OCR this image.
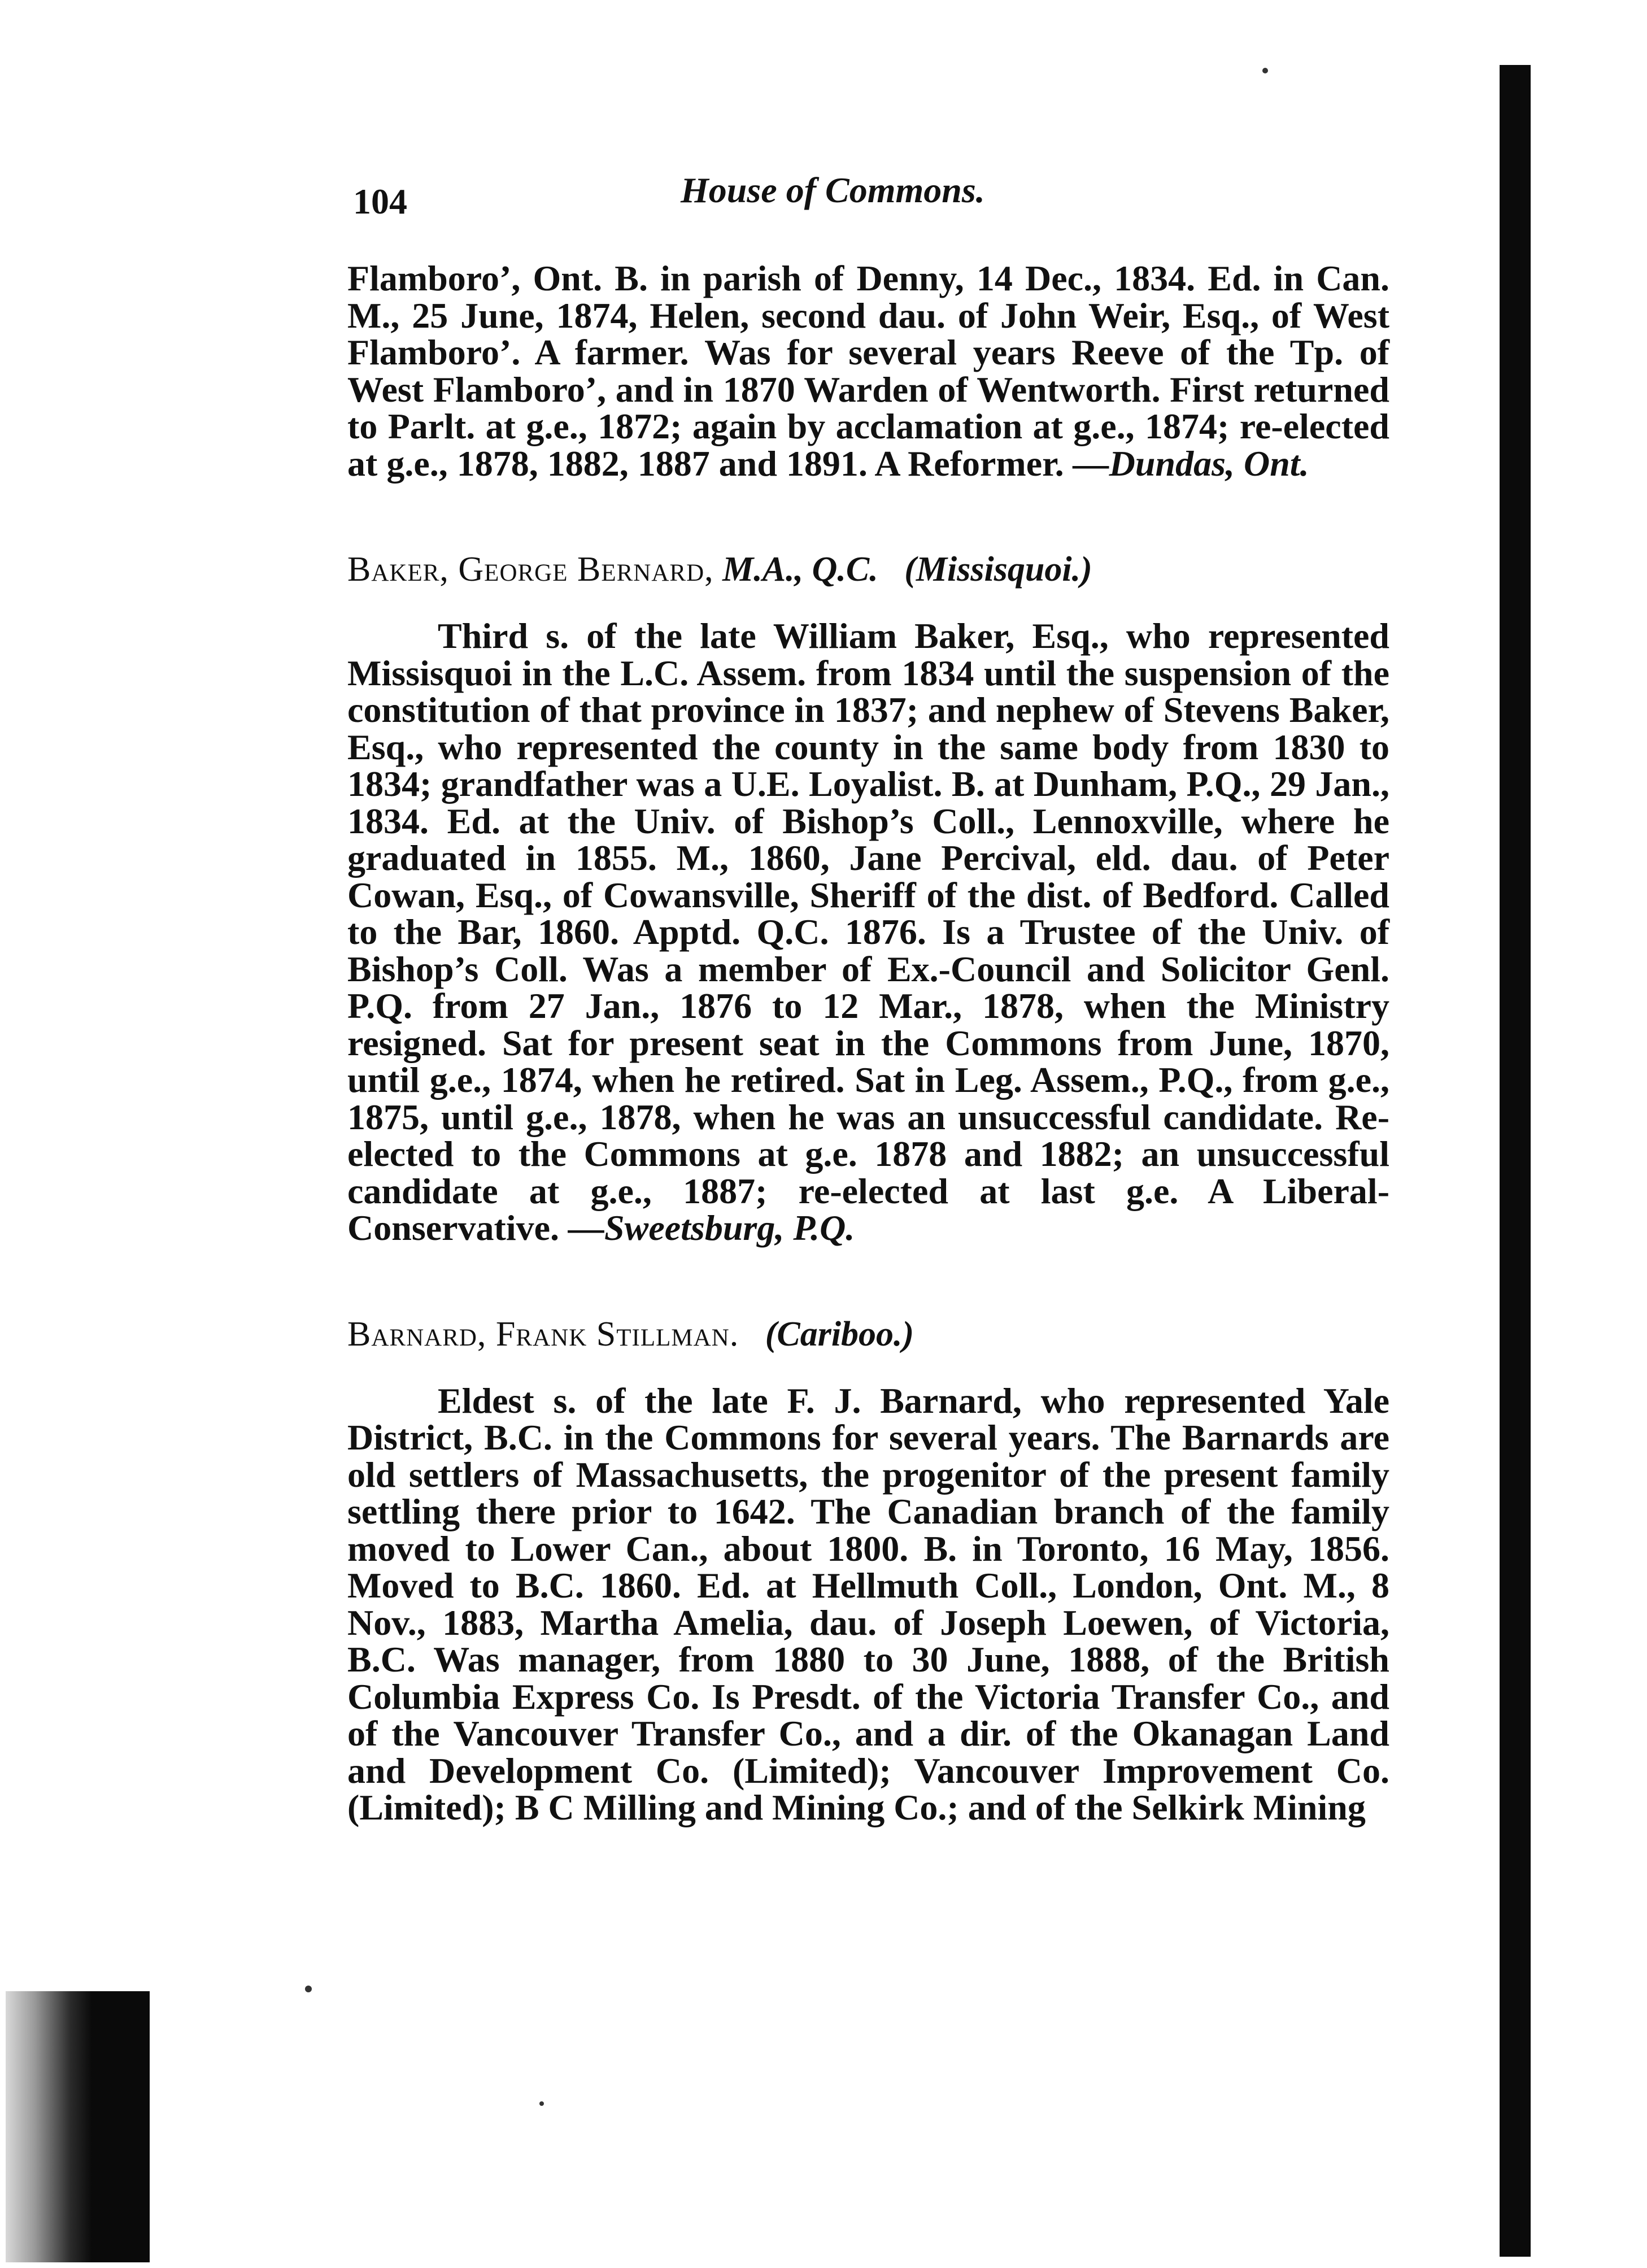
104	House of Commons.

Flamboro’, Ont. B. in parish of Denny, 14 Dec., 1834. Ed. in Can. M., 25 June, 1874, Helen, second dau. of John Weir, Esq., of West Flamboro’. A farmer. Was for several years Reeve of the Tp. of West Flamboro’, and in 1870 Warden of Wentworth. First returned to Parlt. at g.e., 1872; again by acclamation at g.e., 1874; re-elected at g.e., 1878, 1882, 1887 and 1891. A Reformer. —Dundas, Ont.

Baker, George Bernard, M.A., Q.C. (Missisquoi.)

Third s. of the late William Baker, Esq., who represented Missisquoi in the L.C. Assem. from 1834 until the suspension of the constitution of that province in 1837; and nephew of Stevens Baker, Esq., who represented the county in the same body from 1830 to 1834; grandfather was a U.E. Loyalist. B. at Dunham, P.Q., 29 Jan., 1834. Ed. at the Univ. of Bishop’s Coll., Lennoxville, where he graduated in 1855. M., 1860, Jane Percival, eld. dau. of Peter Cowan, Esq., of Cowansville, Sheriff of the dist. of Bedford. Called to the Bar, 1860. Apptd. Q.C. 1876. Is a Trustee of the Univ. of Bishop’s Coll. Was a member of Ex.-Council and Solicitor Genl. P.Q. from 27 Jan., 1876 to 12 Mar., 1878, when the Ministry resigned. Sat for present seat in the Commons from June, 1870, until g.e., 1874, when he retired. Sat in Leg. Assem., P.Q., from g.e., 1875, until g.e., 1878, when he was an unsuccessful candidate. Re-elected to the Commons at g.e. 1878 and 1882; an unsuccessful candidate at g.e., 1887; re-elected at last g.e. A Liberal-Conservative. —Sweetsburg, P.Q.

Barnard, Frank Stillman. (Cariboo.)

Eldest s. of the late F. J. Barnard, who represented Yale District, B.C. in the Commons for several years. The Barnards are old settlers of Massachusetts, the progenitor of the present family settling there prior to 1642. The Canadian branch of the family moved to Lower Can., about 1800. B. in Toronto, 16 May, 1856. Moved to B.C. 1860. Ed. at Hellmuth Coll., London, Ont. M., 8 Nov., 1883, Martha Amelia, dau. of Joseph Loewen, of Victoria, B.C. Was manager, from 1880 to 30 June, 1888, of the British Columbia Express Co. Is Presdt. of the Victoria Transfer Co., and of the Vancouver Transfer Co., and a dir. of the Okanagan Land and Development Co. (Limited); Vancouver Improvement Co. (Limited); B C Milling and Mining Co.; and of the Selkirk Mining
